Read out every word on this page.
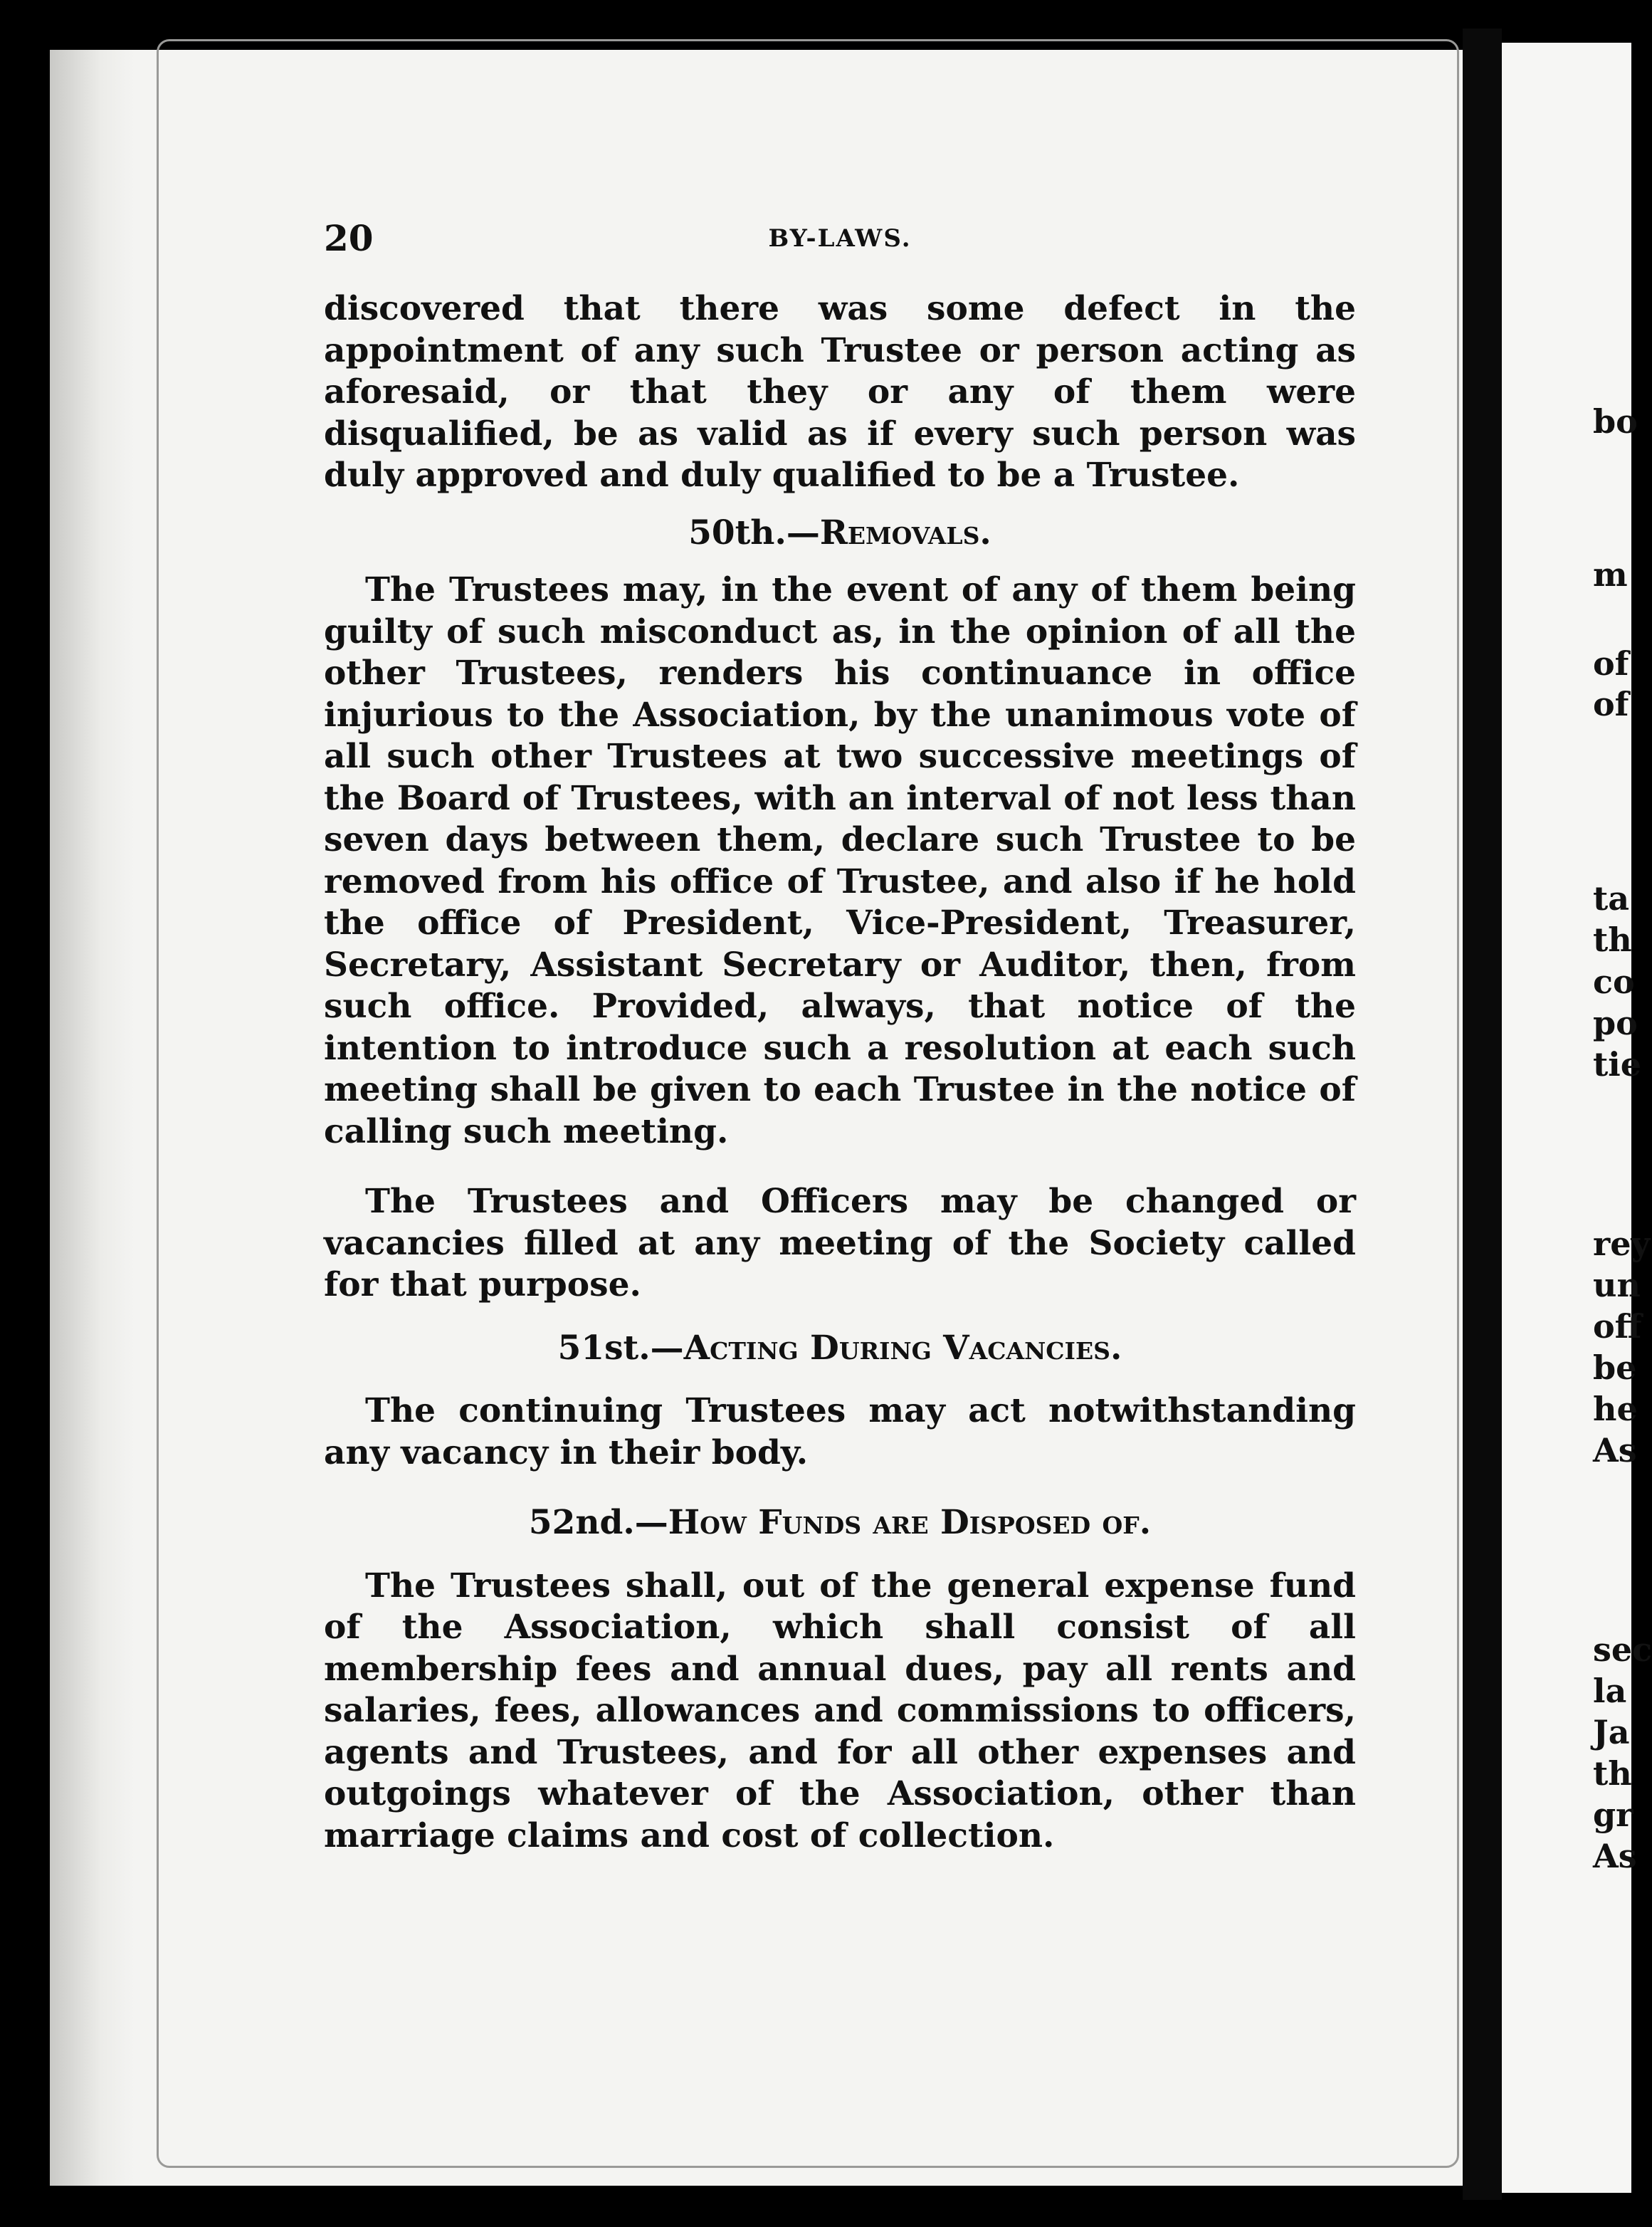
20	BY-LAWS.

discovered that there was some defect in the appointment of any such Trustee or person acting as aforesaid, or that they or any of them were disqualified, be as valid as if every such person was duly approved and duly qualified to be a Trustee.

50th.—Removals.

The Trustees may, in the event of any of them being guilty of such misconduct as, in the opinion of all the other Trustees, renders his continuance in office injurious to the Association, by the unanimous vote of all such other Trustees at two successive meetings of the Board of Trustees, with an interval of not less than seven days between them, declare such Trustee to be removed from his office of Trustee, and also if he hold the office of President, Vice-President, Treasurer, Secretary, Assistant Secretary or Auditor, then, from such office. Provided, always, that notice of the intention to introduce such a resolution at each such meeting shall be given to each Trustee in the notice of calling such meeting.

The Trustees and Officers may be changed or vacancies filled at any meeting of the Society called for that purpose.

51st.—Acting During Vacancies.

The continuing Trustees may act notwithstanding any vacancy in their body.

52nd.—How Funds are Disposed of.

The Trustees shall, out of the general expense fund of the Association, which shall consist of all membership fees and annual dues, pay all rents and salaries, fees, allowances and commissions to officers, agents and Trustees, and for all other expenses and outgoings whatever of the Association, other than marriage claims and cost of collection.

bo
m
of
of
ta
th
co
po
tie
rey
un
off
be
he
As
sec
la
Ja
th
gr
As
